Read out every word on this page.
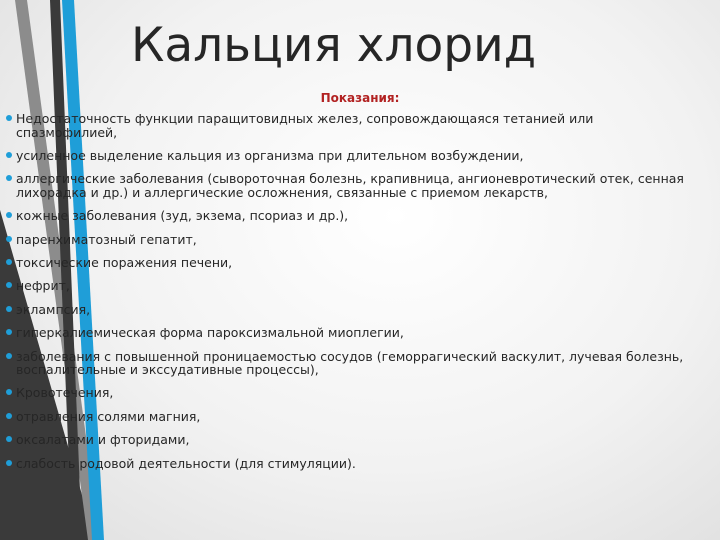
Кальция хлорид
Показания:
Недостаточность функции паращитовидных желез, сопровождающаяся тетанией или спазмофилией,
усиленное выделение кальция из организма при длительном возбуждении,
аллергические заболевания (сывороточная болезнь, крапивница, ангионевротический отек, сенная лихорадка и др.) и аллергические осложнения, связанные с приемом лекарств,
кожные заболевания (зуд, экзема, псориаз и др.),
паренхиматозный гепатит,
токсические поражения печени,
нефрит,
эклампсия,
гиперкалиемическая форма пароксизмальной миоплегии,
заболевания с повышенной проницаемостью сосудов (геморрагический васкулит, лучевая болезнь, воспалительные и экссудативные процессы),
Кровотечения,
отравления солями магния,
оксалатами и фторидами,
слабость родовой деятельности (для стимуляции).
